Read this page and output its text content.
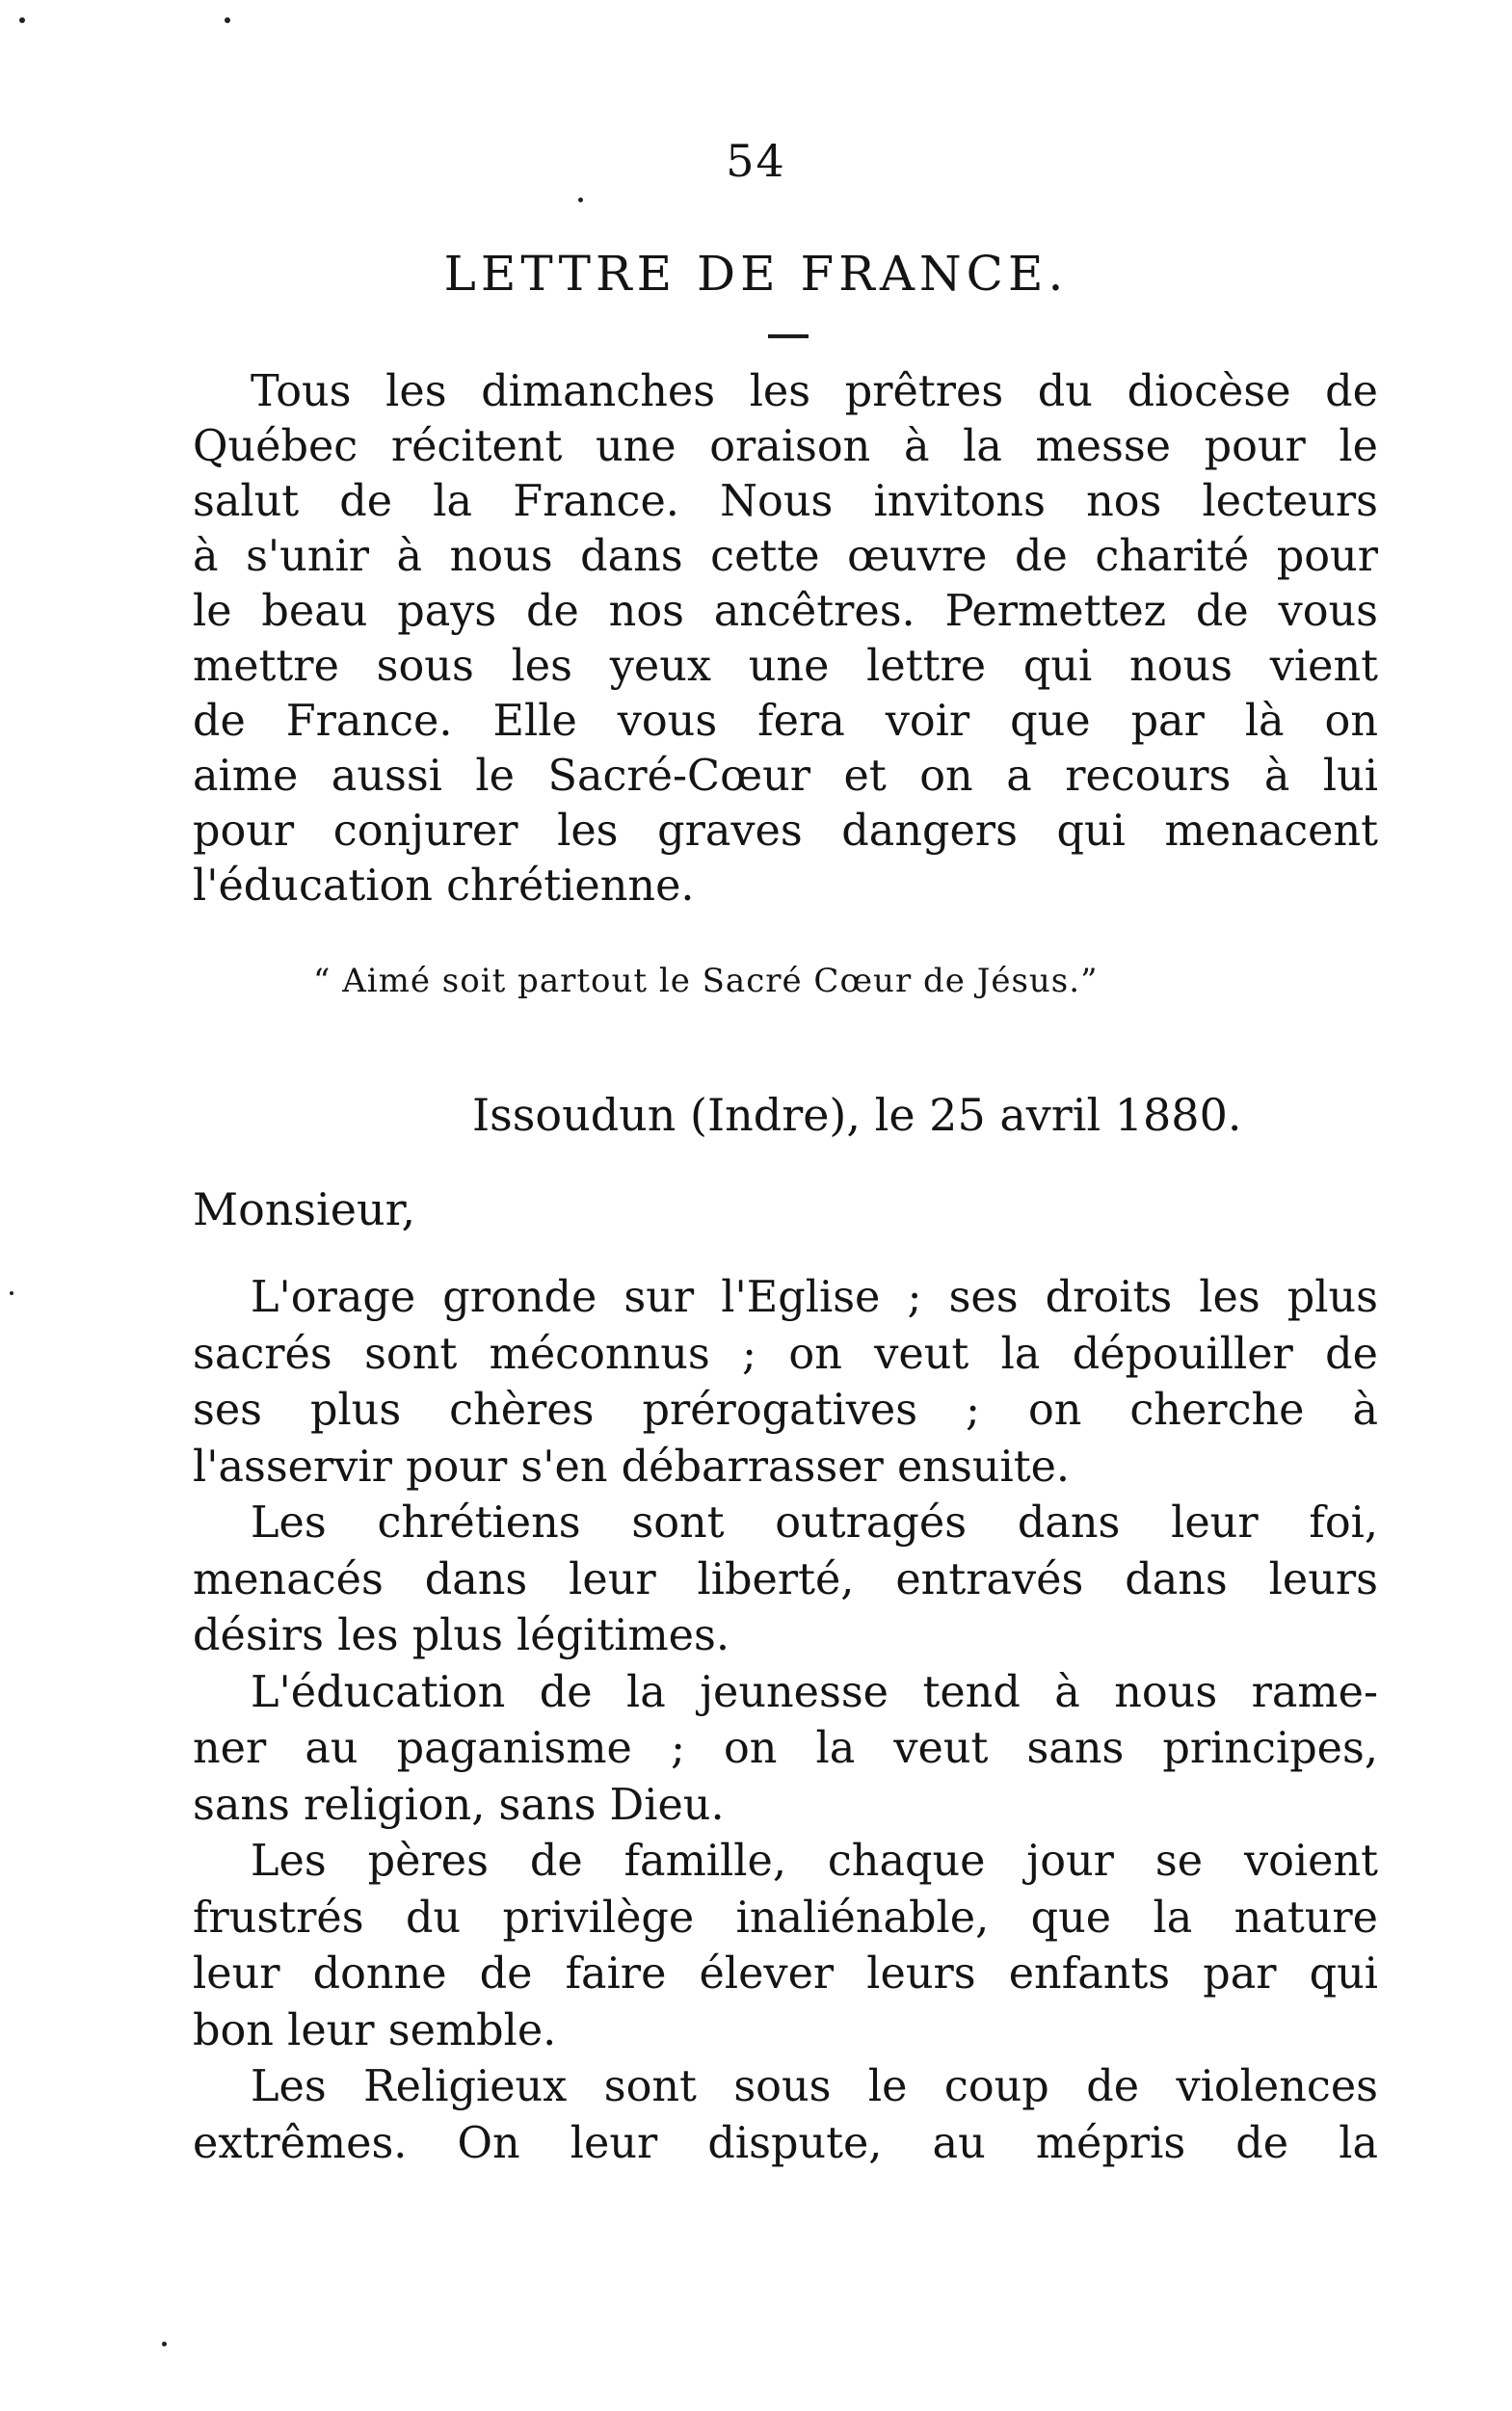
54
LETTRE DE FRANCE.
Tous les dimanches les prêtres du diocèse de
Québec récitent une oraison à la messe pour le
salut de la France. Nous invitons nos lecteurs
à s'unir à nous dans cette œuvre de charité pour
le beau pays de nos ancêtres. Permettez de vous
mettre sous les yeux une lettre qui nous vient
de France. Elle vous fera voir que par là on
aime aussi le Sacré-Cœur et on a recours à lui
pour conjurer les graves dangers qui menacent
l'éducation chrétienne.
“ Aimé soit partout le Sacré Cœur de Jésus.”
Issoudun (Indre), le 25 avril 1880.
Monsieur,
L'orage gronde sur l'Eglise ; ses droits les plus
sacrés sont méconnus ; on veut la dépouiller de
ses plus chères prérogatives ; on cherche à
l'asservir pour s'en débarrasser ensuite.
Les chrétiens sont outragés dans leur foi,
menacés dans leur liberté, entravés dans leurs
désirs les plus légitimes.
L'éducation de la jeunesse tend à nous rame-
ner au paganisme ; on la veut sans principes,
sans religion, sans Dieu.
Les pères de famille, chaque jour se voient
frustrés du privilège inaliénable, que la nature
leur donne de faire élever leurs enfants par qui
bon leur semble.
Les Religieux sont sous le coup de violences
extrêmes. On leur dispute, au mépris de la
